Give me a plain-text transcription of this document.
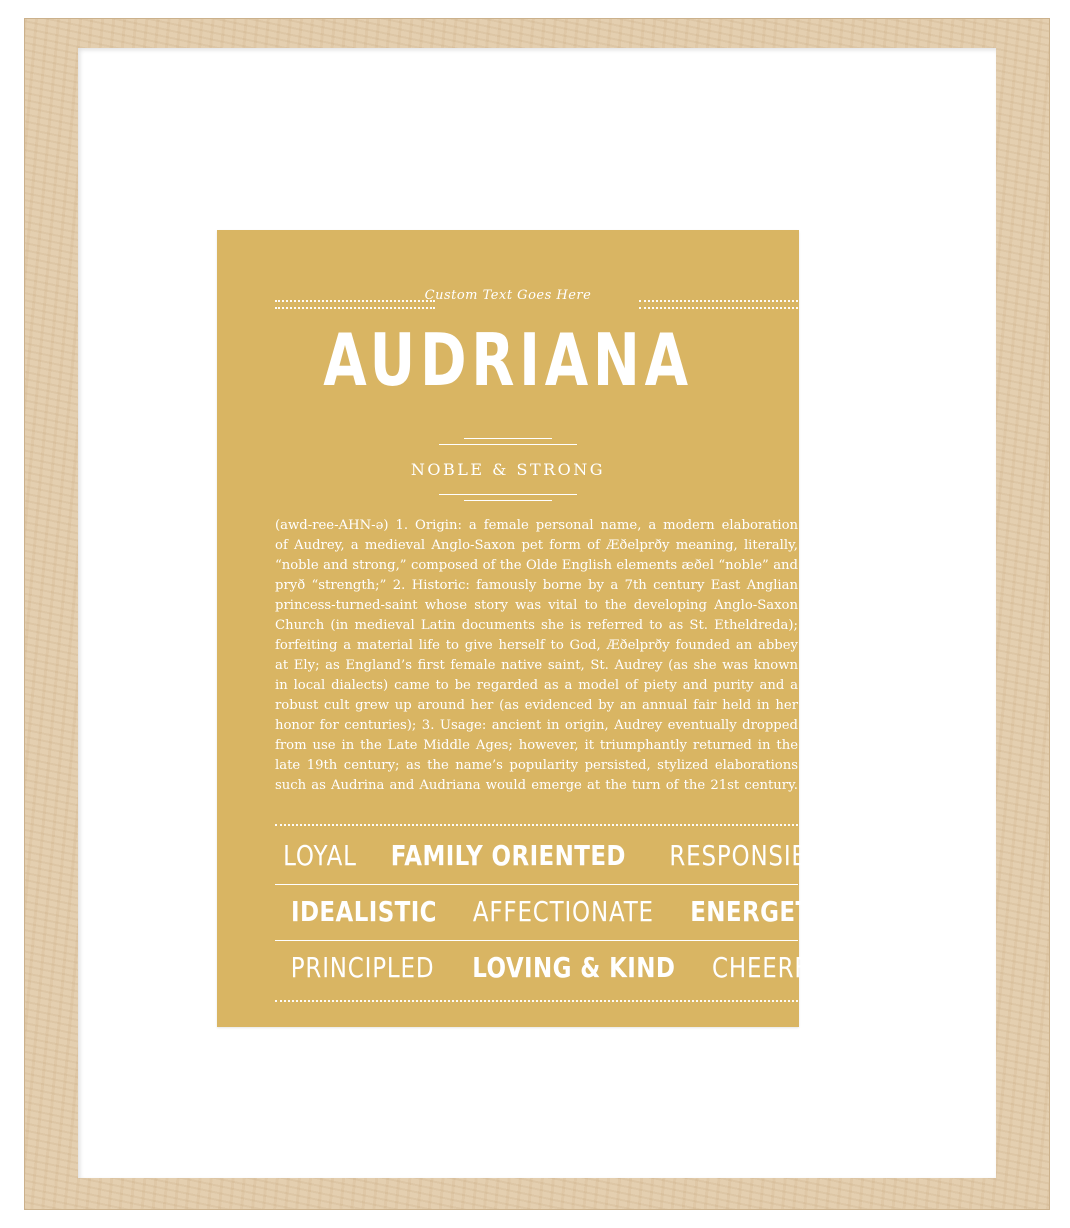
Custom Text Goes Here
AUDRIANA
NOBLE & STRONG
(awd-ree-AHN-ə) 1. Origin: a female personal name, a modern elaboration
of Audrey, a medieval Anglo-Saxon pet form of Æðelprðy meaning, literally,
“noble and strong,” composed of the Olde English elements æðel “noble” and
pryð “strength;” 2. Historic: famously borne by a 7th century East Anglian
princess-turned-saint whose story was vital to the developing Anglo-Saxon
Church (in medieval Latin documents she is referred to as St. Etheldreda);
forfeiting a material life to give herself to God, Æðelprðy founded an abbey
at Ely; as England’s first female native saint, St. Audrey (as she was known
in local dialects) came to be regarded as a model of piety and purity and a
robust cult grew up around her (as evidenced by an annual fair held in her
honor for centuries); 3. Usage: ancient in origin, Audrey eventually dropped
from use in the Late Middle Ages; however, it triumphantly returned in the
late 19th century; as the name’s popularity persisted, stylized elaborations
such as Audrina and Audriana would emerge at the turn of the 21st century.
LOYAL FAMILY ORIENTED RESPONSIBLE
IDEALISTIC AFFECTIONATE ENERGETIC
PRINCIPLED LOVING & KIND CHEERFUL
